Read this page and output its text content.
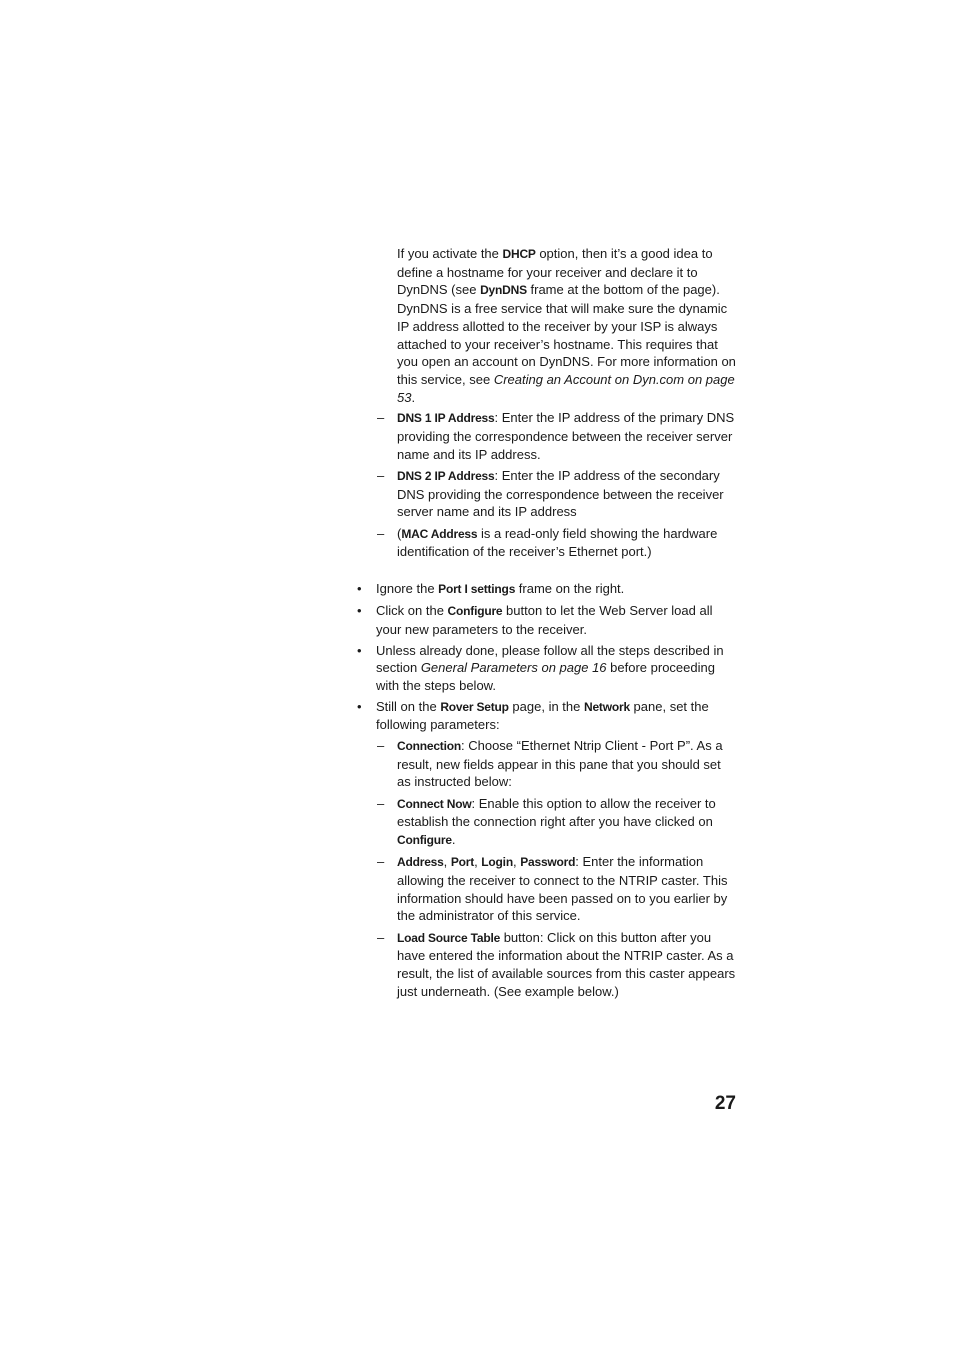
If you activate the DHCP option, then it’s a good idea to define a hostname for your receiver and declare it to DynDNS (see DynDNS frame at the bottom of the page). DynDNS is a free service that will make sure the dynamic IP address allotted to the receiver by your ISP is always attached to your receiver’s hostname. This requires that you open an account on DynDNS. For more information on this service, see Creating an Account on Dyn.com on page 53.

– DNS 1 IP Address: Enter the IP address of the primary DNS providing the correspondence between the receiver server name and its IP address.

– DNS 2 IP Address: Enter the IP address of the secondary DNS providing the correspondence between the receiver server name and its IP address

– (MAC Address is a read-only field showing the hardware identification of the receiver’s Ethernet port.)

• Ignore the Port I settings frame on the right.

• Click on the Configure button to let the Web Server load all your new parameters to the receiver.

• Unless already done, please follow all the steps described in section General Parameters on page 16 before proceeding with the steps below.

• Still on the Rover Setup page, in the Network pane, set the following parameters:

– Connection: Choose “Ethernet Ntrip Client - Port P”. As a result, new fields appear in this pane that you should set as instructed below:

– Connect Now: Enable this option to allow the receiver to establish the connection right after you have clicked on Configure.

– Address, Port, Login, Password: Enter the information allowing the receiver to connect to the NTRIP caster. This information should have been passed on to you earlier by the administrator of this service.

– Load Source Table button: Click on this button after you have entered the information about the NTRIP caster. As a result, the list of available sources from this caster appears just underneath. (See example below.)

27
